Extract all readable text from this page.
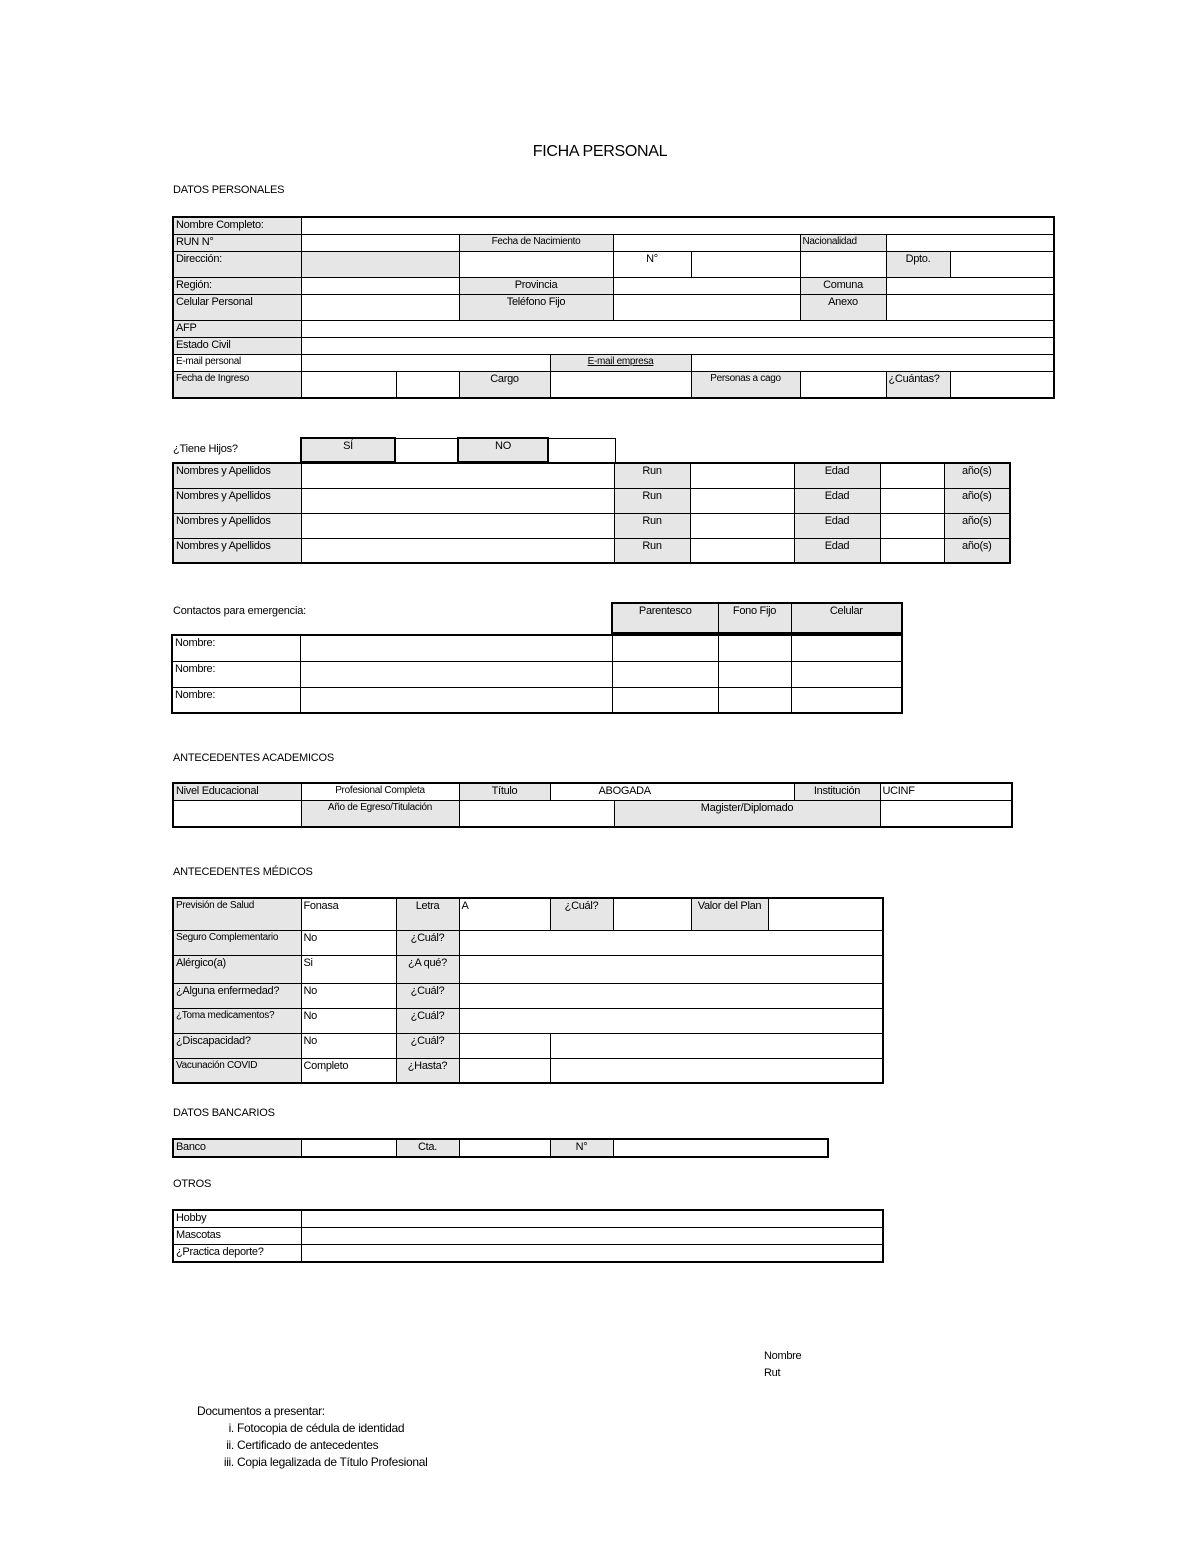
FICHA PERSONAL
DATOS PERSONALES
Nombre Completo:									
RUN N°			Fecha de Nacimiento				Nacionalidad		
Dirección:					N°			Dpto.	
Región:			Provincia				Comuna		
Celular Personal			Teléfono Fijo				Anexo		
AFP									
Estado Civil									
E-mail personal				E-mail empresa					
Fecha de Ingreso			Cargo			Personas a cago		¿Cuántas?	
¿Tiene Hijos?	SÍ		NO	
Nombres y Apellidos		Run		Edad		año(s)
Nombres y Apellidos		Run		Edad		año(s)
Nombres y Apellidos		Run		Edad		año(s)
Nombres y Apellidos		Run		Edad		año(s)
Contactos para emergencia:	Parentesco	Fono Fijo	Celular
Nombre:				
Nombre:				
Nombre:				
ANTECEDENTES ACADEMICOS
Nivel Educacional	Profesional Completa	Título	ABOGADA		Institución	UCINF
	Año de Egreso/Titulación			Magister/Diplomado		
ANTECEDENTES MÉDICOS
Previsión de Salud	Fonasa	Letra	A	¿Cuál?		Valor del Plan	
Seguro Complementario	No	¿Cuál?					
Alérgico(a)	Si	¿A qué?					
¿Alguna enfermedad?	No	¿Cuál?					
¿Toma medicamentos?	No	¿Cuál?					
¿Discapacidad?	No	¿Cuál?					
Vacunación COVID	Completo	¿Hasta?					
DATOS BANCARIOS
Banco		Cta.		N°	
OTROS
Hobby	
Mascotas	
¿Practica deporte?	
Nombre
Rut
Documentos a presentar:
i. Fotocopia de cédula de identidad
ii. Certificado de antecedentes
iii. Copia legalizada de Título Profesional
